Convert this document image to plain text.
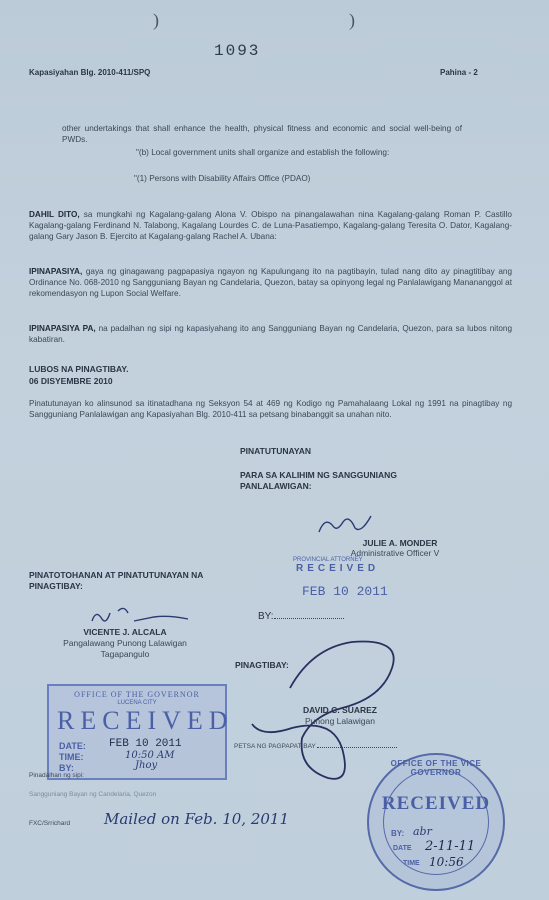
)	)
1093
Kapasiyahan Blg. 2010-411/SPQ	Pahina - 2
other undertakings that shall enhance the health, physical fitness and economic and social well-being of PWDs.
"(b) Local government units shall organize and establish the following:
"(1) Persons with Disability Affairs Office (PDAO)
DAHIL DITO, sa mungkahi ng Kagalang-galang Alona V. Obispo na pinangalawahan nina Kagalang-galang Roman P. Castillo Kagalang-galang Ferdinand N. Talabong, Kagalang Lourdes C. de Luna-Pasatiempo, Kagalang-galang Teresita O. Dator, Kagalang-galang Gary Jason B. Ejercito at Kagalang-galang Rachel A. Ubana:
IPINAPASIYA, gaya ng ginagawang pagpapasiya ngayon ng Kapulungang ito na pagtibayin, tulad nang dito ay pinagtitibay ang Ordinance No. 068-2010 ng Sangguniang Bayan ng Candelaria, Quezon, batay sa opinyong legal ng Panlalawigang Manananggol at rekomendasyon ng Lupon Social Welfare.
IPINAPASIYA PA, na padalhan ng sipi ng kapasiyahang ito ang Sangguniang Bayan ng Candelaria, Quezon, para sa lubos nitong kabatiran.
LUBOS NA PINAGTIBAY.
06 DISYEMBRE 2010
Pinatutunayan ko alinsunod sa itinatadhana ng Seksyon 54 at 469 ng Kodigo ng Pamahalaang Lokal ng 1991 na pinagtibay ng Sangguniang Panlalawigan ang Kapasiyahan Blg. 2010-411 sa petsang binabanggit sa unahan nito.
PINATUTUNAYAN
PARA SA KALIHIM NG SANGGUNIANG PANLALAWIGAN:
JULIE A. MONDER
Administrative Officer V
PROVINCIAL ATTORNEY
RECEIVED
FEB 10 2011
BY:
PINATOTOHANAN AT PINATUTUNAYAN NA PINAGTIBAY:
VICENTE J. ALCALA
Pangalawang Punong Lalawigan
Tagapangulo
PINAGTIBAY:
DAVID C. SUAREZ
Punong Lalawigan
PETSA NG PAGPAPATIBAY
OFFICE OF THE GOVERNOR
LUCENA CITY
RECEIVED
DATE: FEB 10 2011
TIME:	10:50 AM
BY:	Jhoy
Pinadalhan ng sipi:
Sangguniang Bayan ng Candelaria, Quezon
FXC/Srrichard Mailed on Feb. 10, 2011
OFFICE OF THE VICE GOVERNOR
RECEIVED
BY: abr
DATE 2-11-11
TIME 10:56
